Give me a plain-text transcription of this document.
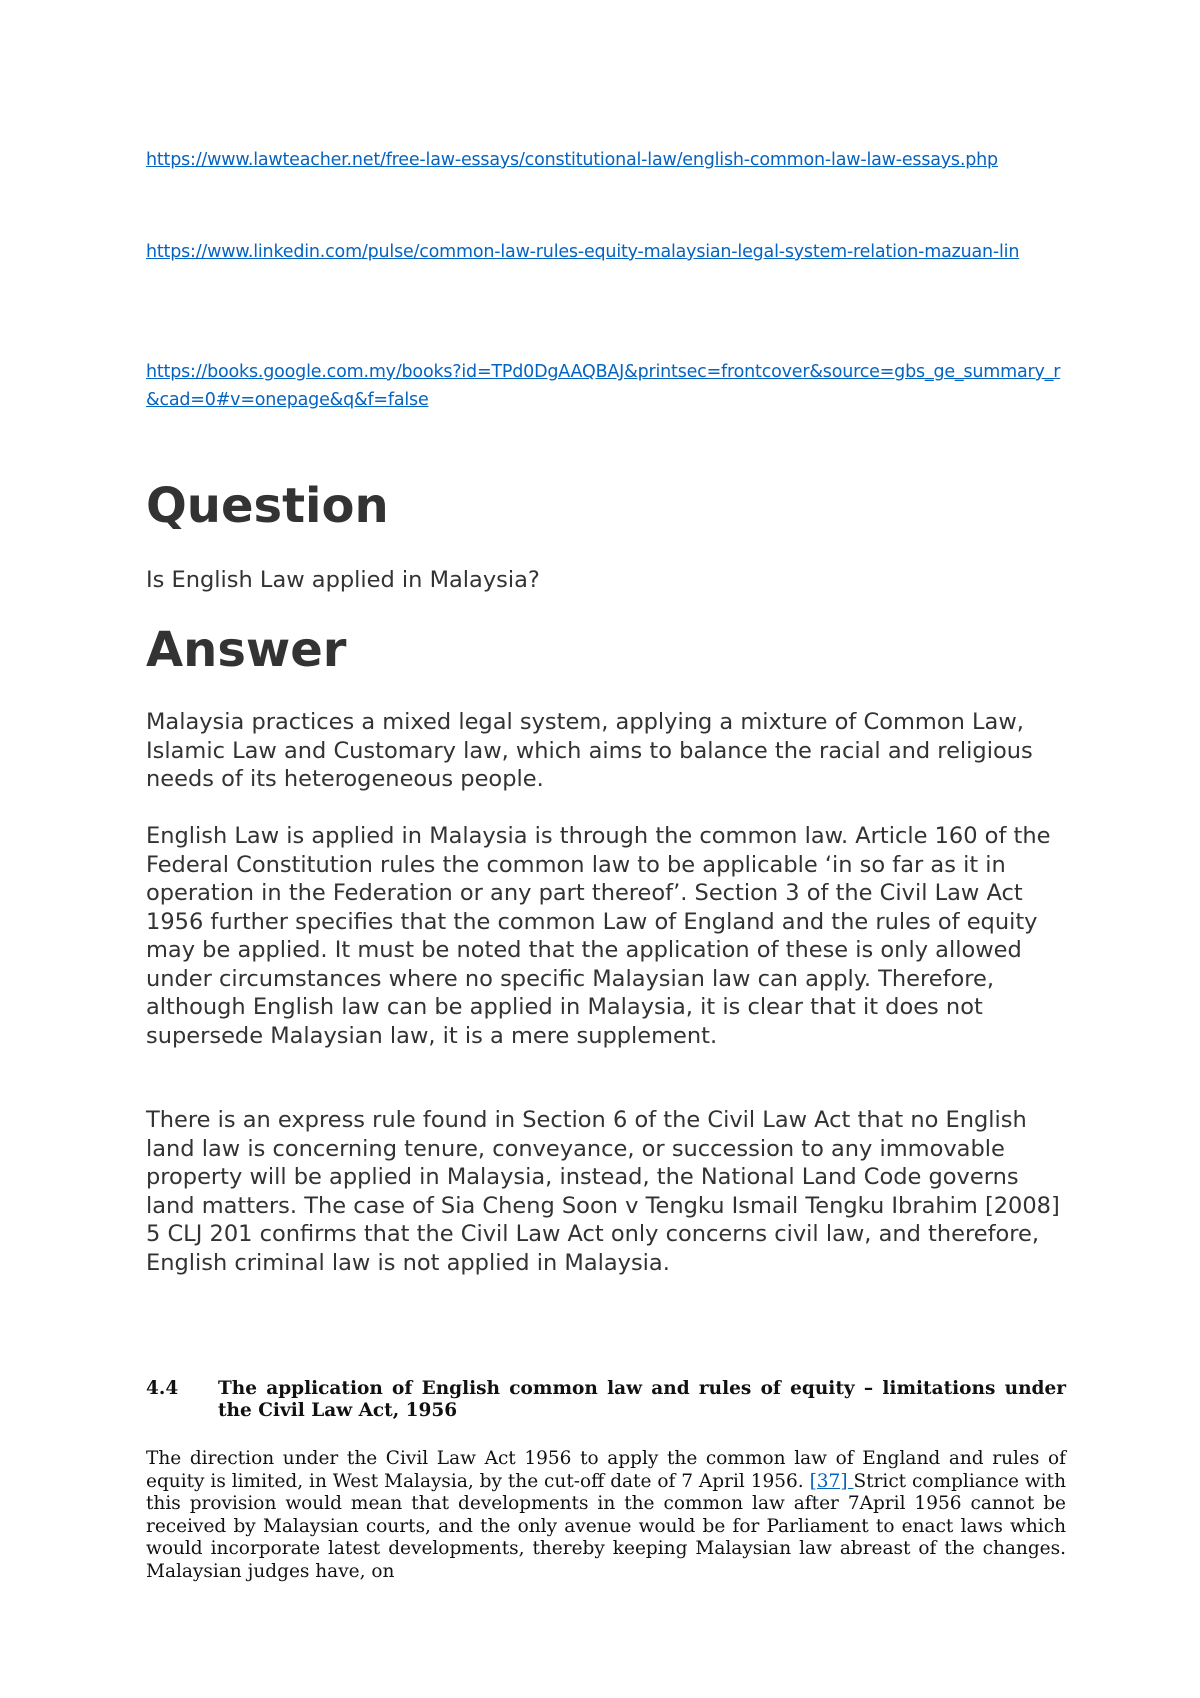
https://www.lawteacher.net/free-law-essays/constitutional-law/english-common-law-law-essays.php
https://www.linkedin.com/pulse/common-law-rules-equity-malaysian-legal-system-relation-mazuan-lin
https://books.google.com.my/books?id=TPd0DgAAQBAJ&printsec=frontcover&source=gbs_ge_summary_r&cad=0#v=onepage&q&f=false
Question

Is English Law applied in Malaysia?

Answer

Malaysia practices a mixed legal system, applying a mixture of Common Law, Islamic Law and Customary law, which aims to balance the racial and religious needs of its heterogeneous people.

English Law is applied in Malaysia is through the common law. Article 160 of the Federal Constitution rules the common law to be applicable ‘in so far as it in operation in the Federation or any part thereof’. Section 3 of the Civil Law Act 1956 further specifies that the common Law of England and the rules of equity may be applied. It must be noted that the application of these is only allowed under circumstances where no specific Malaysian law can apply. Therefore, although English law can be applied in Malaysia, it is clear that it does not supersede Malaysian law, it is a mere supplement.

There is an express rule found in Section 6 of the Civil Law Act that no English land law is concerning tenure, conveyance, or succession to any immovable property will be applied in Malaysia, instead, the National Land Code governs land matters. The case of Sia Cheng Soon v Tengku Ismail Tengku Ibrahim [2008] 5 CLJ 201 confirms that the Civil Law Act only concerns civil law, and therefore, English criminal law is not applied in Malaysia.

4.4	The application of English common law and rules of equity – limitations under the Civil Law Act, 1956

The direction under the Civil Law Act 1956 to apply the common law of England and rules of equity is limited, in West Malaysia, by the cut-off date of 7 April 1956. [37] Strict compliance with this provision would mean that developments in the common law after 7April 1956 cannot be received by Malaysian courts, and the only avenue would be for Parliament to enact laws which would incorporate latest developments, thereby keeping Malaysian law abreast of the changes. Malaysian judges have, on
